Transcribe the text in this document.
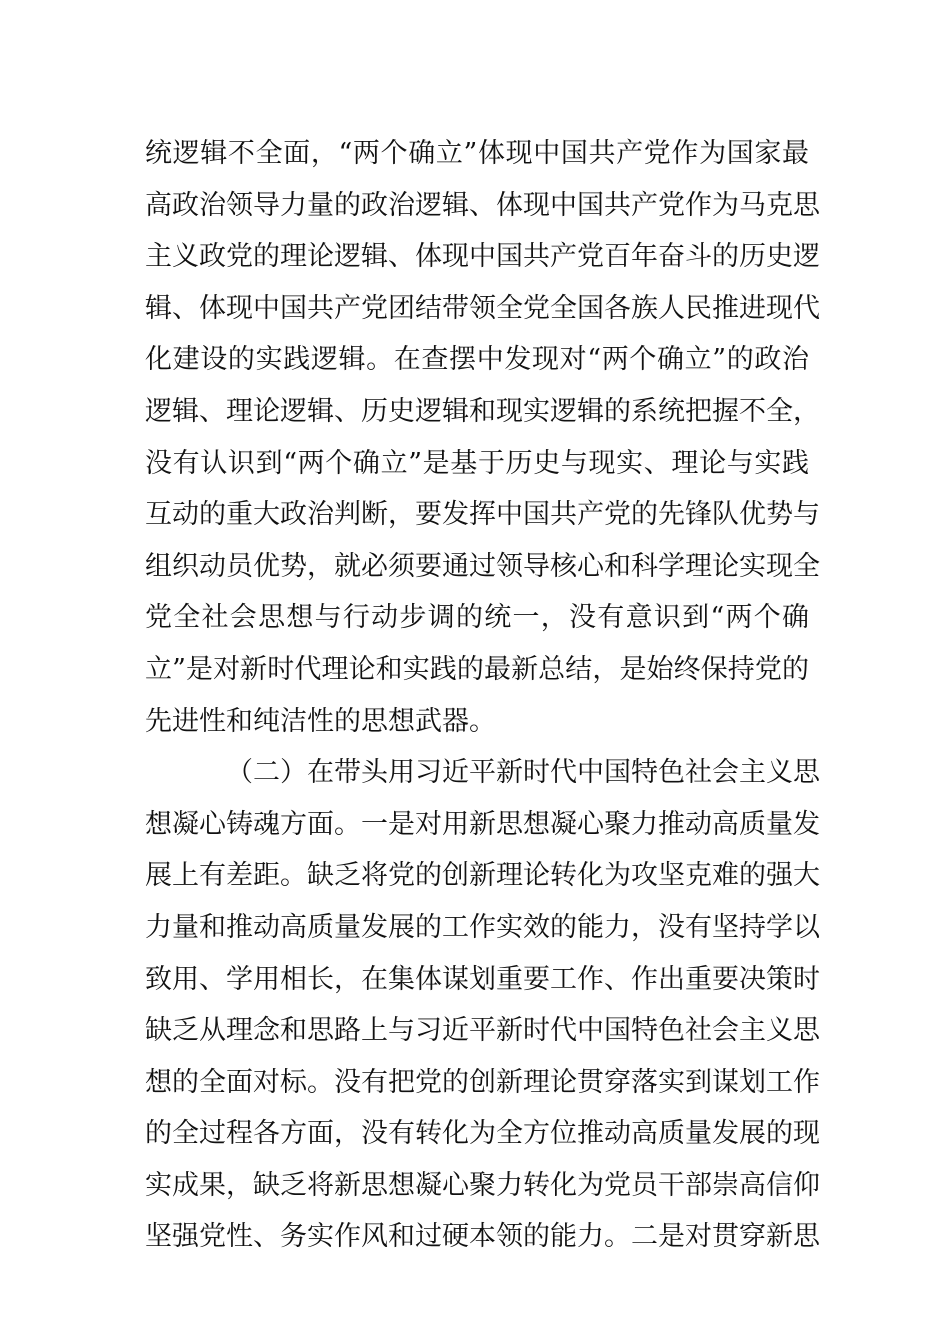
统逻辑不全面，“两个确立”体现中国共产党作为国家最
高政治领导力量的政治逻辑、体现中国共产党作为马克思
主义政党的理论逻辑、体现中国共产党百年奋斗的历史逻
辑、体现中国共产党团结带领全党全国各族人民推进现代
化建设的实践逻辑。在查摆中发现对“两个确立”的政治
逻辑、理论逻辑、历史逻辑和现实逻辑的系统把握不全，
没有认识到“两个确立”是基于历史与现实、理论与实践
互动的重大政治判断，要发挥中国共产党的先锋队优势与
组织动员优势，就必须要通过领导核心和科学理论实现全
党全社会思想与行动步调的统一，没有意识到“两个确
立”是对新时代理论和实践的最新总结，是始终保持党的
先进性和纯洁性的思想武器。
（二）在带头用习近平新时代中国特色社会主义思
想凝心铸魂方面。一是对用新思想凝心聚力推动高质量发
展上有差距。缺乏将党的创新理论转化为攻坚克难的强大
力量和推动高质量发展的工作实效的能力，没有坚持学以
致用、学用相长，在集体谋划重要工作、作出重要决策时
缺乏从理念和思路上与习近平新时代中国特色社会主义思
想的全面对标。没有把党的创新理论贯穿落实到谋划工作
的全过程各方面，没有转化为全方位推动高质量发展的现
实成果，缺乏将新思想凝心聚力转化为党员干部崇高信仰
坚强党性、务实作风和过硬本领的能力。二是对贯穿新思
